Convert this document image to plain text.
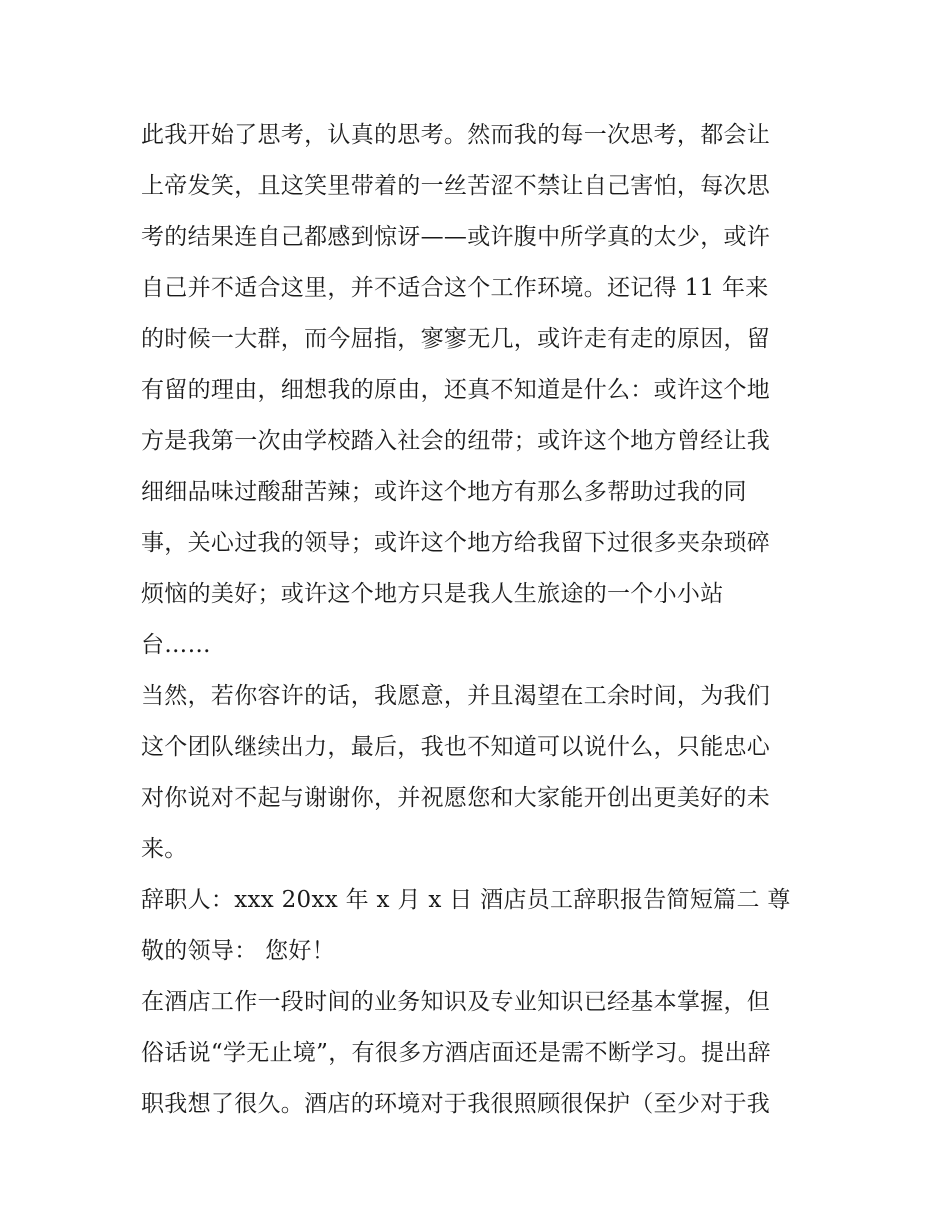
此我开始了思考，认真的思考。然而我的每一次思考，都会让
上帝发笑，且这笑里带着的一丝苦涩不禁让自己害怕，每次思
考的结果连自己都感到惊讶——或许腹中所学真的太少，或许
自己并不适合这里，并不适合这个工作环境。还记得 11 年来
的时候一大群，而今屈指，寥寥无几，或许走有走的原因，留
有留的理由，细想我的原由，还真不知道是什么：或许这个地
方是我第一次由学校踏入社会的纽带；或许这个地方曾经让我
细细品味过酸甜苦辣；或许这个地方有那么多帮助过我的同
事，关心过我的领导；或许这个地方给我留下过很多夹杂琐碎
烦恼的美好；或许这个地方只是我人生旅途的一个小小站
台……
当然，若你容许的话，我愿意，并且渴望在工余时间，为我们
这个团队继续出力，最后，我也不知道可以说什么，只能忠心
对你说对不起与谢谢你，并祝愿您和大家能开创出更美好的未
来。
辞职人：xxx 20xx 年 x 月 x 日 酒店员工辞职报告简短篇二 尊
敬的领导： 您好！
在酒店工作一段时间的业务知识及专业知识已经基本掌握，但
俗话说“学无止境”，有很多方酒店面还是需不断学习。提出辞
职我想了很久。酒店的环境对于我很照顾很保护（至少对于我
